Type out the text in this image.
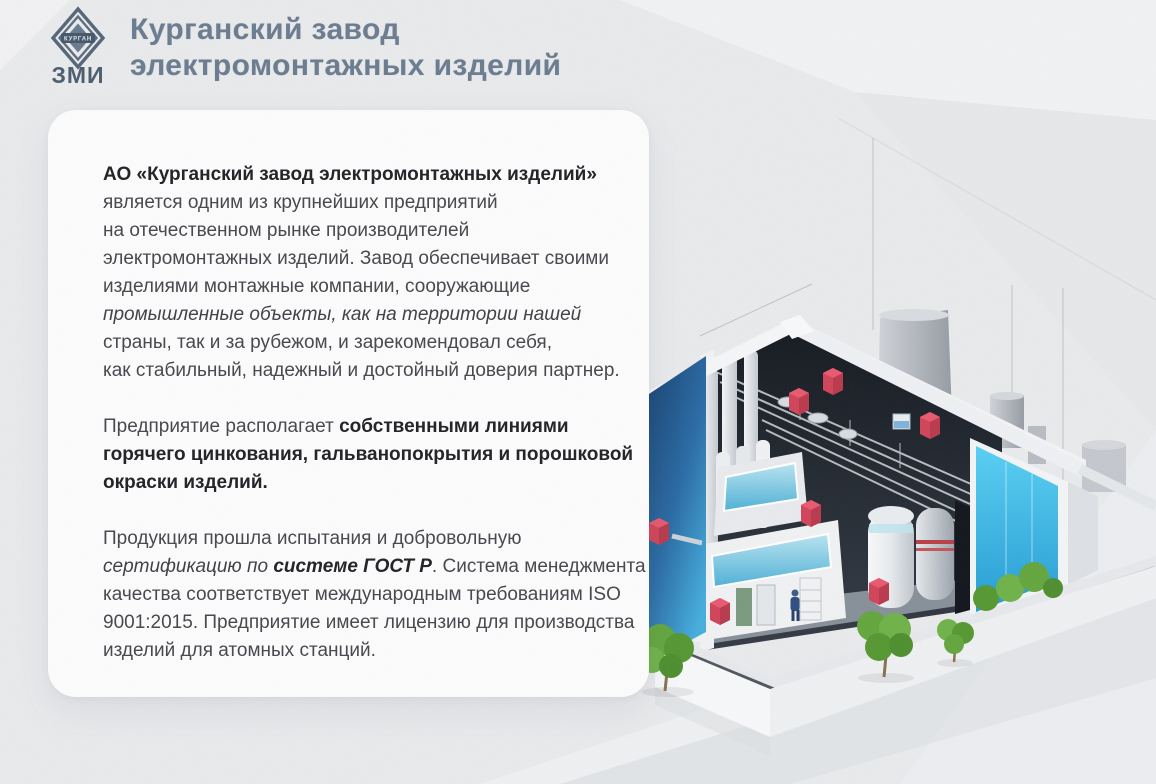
КУРГАН
ЗМИ
Курганский завод
электромонтажных изделий
АО «Курганский завод электромонтажных изделий»
является одним из крупнейших предприятий
на отечественном рынке производителей
электромонтажных изделий. Завод обеспечивает своими
изделиями монтажные компании, сооружающие
промышленные объекты, как на территории нашей
страны, так и за рубежом, и зарекомендовал себя,
как стабильный, надежный и достойный доверия партнер.
Предприятие располагает собственными линиями
горячего цинкования, гальванопокрытия и порошковой
окраски изделий.
Продукция прошла испытания и добровольную
сертификацию по системе ГОСТ Р. Система менеджмента
качества соответствует международным требованиям ISO
9001:2015. Предприятие имеет лицензию для производства
изделий для атомных станций.
